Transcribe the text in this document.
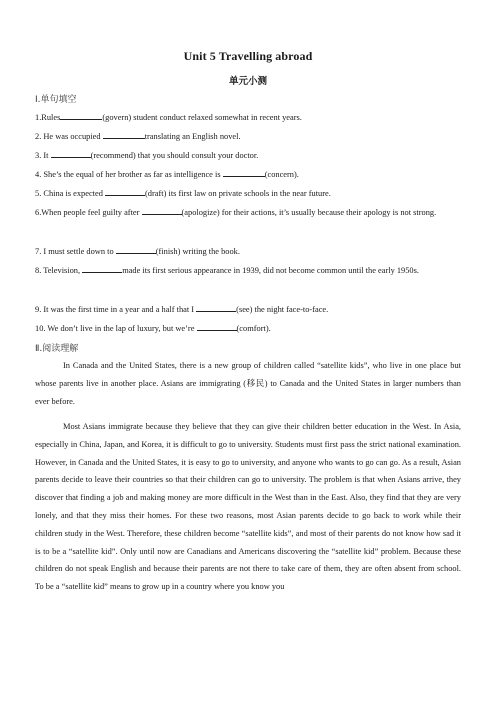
Unit 5 Travelling abroad
单元小测
Ⅰ.单句填空
1.Rules	(govern) student conduct relaxed somewhat in recent years.
2. He was occupied	translating an English novel.
3. It	(recommend) that you should consult your doctor.
4. She’s the equal of her brother as far as intelligence is	(concern).
5. China is expected	(draft) its first law on private schools in the near future.
6.When people feel guilty after	(apologize) for their actions, it’s usually because their apology is not strong.
7. I must settle down to	(finish) writing the book.
8. Television,	made its first serious appearance in 1939, did not become common until the early 1950s.
9. It was the first time in a year and a half that I	(see) the night face-to-face.
10. We don’t live in the lap of luxury, but we’re	(comfort).
Ⅱ.阅读理解
In Canada and the United States, there is a new group of children called “satellite kids”, who live in one place but whose parents live in another place. Asians are immigrating (移民) to Canada and the United States in larger numbers than ever before.
Most Asians immigrate because they believe that they can give their children better education in the West. In Asia, especially in China, Japan, and Korea, it is difficult to go to university. Students must first pass the strict national examination. However, in Canada and the United States, it is easy to go to university, and anyone who wants to go can go. As a result, Asian parents decide to leave their countries so that their children can go to university. The problem is that when Asians arrive, they discover that finding a job and making money are more difficult in the West than in the East. Also, they find that they are very lonely, and that they miss their homes. For these two reasons, most Asian parents decide to go back to work while their children study in the West. Therefore, these children become “satellite kids”, and most of their parents do not know how sad it is to be a “satellite kid”. Only until now are Canadians and Americans discovering the “satellite kid” problem. Because these children do not speak English and because their parents are not there to take care of them, they are often absent from school. To be a “satellite kid” means to grow up in a country where you know you
